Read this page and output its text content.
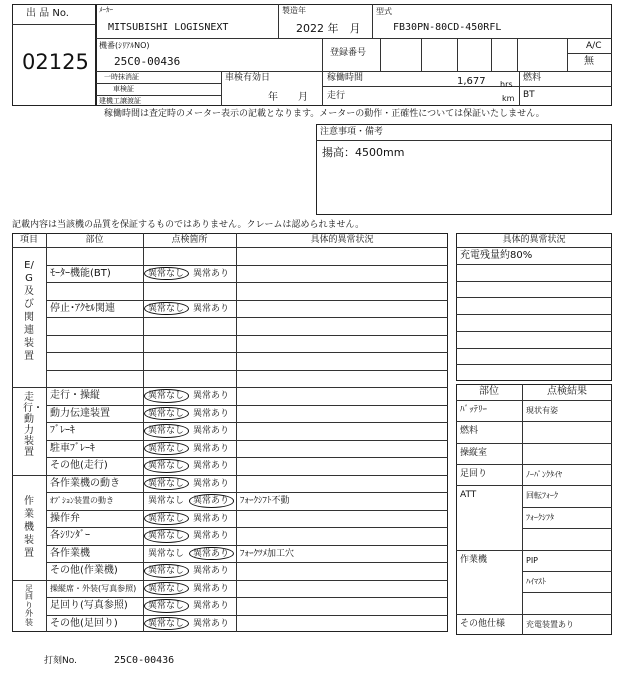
出 品 No.
02125
ﾒｰｶｰ
MITSUBISHI LOGISNEXT
製造年
2022 年　月
型式
FB30PN-80CD-450RFL
機番(ｼﾘｱﾙNO)
25C0-00436
登録番号
A/C
無
一時抹消証
車検証
建機工譲渡証
車検有効日
年　　月
稼働時間	1,677 hrs
走行	km
燃料
BT
稼働時間は査定時のメーター表示の記載となります。メーターの動作・正確性については保証いたしません。
注意事項・備考
揚高：4500mm
記載内容は当該機の品質を保証するものではありません。クレームは認められません。
項目	部位	点検箇所	具体的異常状況
ﾓｰﾀｰ機能(BT)	異常なし 異常あり
停止･ｱｸｾﾙ関連	異常なし 異常あり
E/G及び関連装置
走行・操縦	異常なし 異常あり
動力伝達装置	異常なし 異常あり
ﾌﾞﾚｰｷ	異常なし 異常あり
駐車ﾌﾞﾚｰｷ	異常なし 異常あり
その他(走行)	異常なし 異常あり
走行・動力装置
各作業機の動き	異常なし 異常あり
ｵﾌﾟｼｮﾝ装置の動き	異常なし 異常あり ﾌｫｰｸｼﾌﾄ不動
操作弁	異常なし 異常あり
各ｼﾘﾝﾀﾞｰ	異常なし 異常あり
各作業機	異常なし 異常あり ﾌｫｰｸﾂﾒ加工穴
その他(作業機)	異常なし 異常あり
作業機装置
操縦席・外装(写真参照) 異常なし 異常あり
足回り(写真参照) 異常なし 異常あり
その他(足回り)	異常なし 異常あり
足回り外装
具体的異常状況
充電残量約80%
部位	点検結果
ﾊﾞｯﾃﾘｰ	現状有姿
燃料
操縦室
足回り	ﾉｰﾊﾟﾝｸﾀｲﾔ
ATT	回転ﾌｫｰｸ
ﾌｫｰｸｼﾌﾀ
作業機	PIP
ﾊｲﾏｽﾄ
その他仕様	充電装置あり
打刻No.	25C0-00436
